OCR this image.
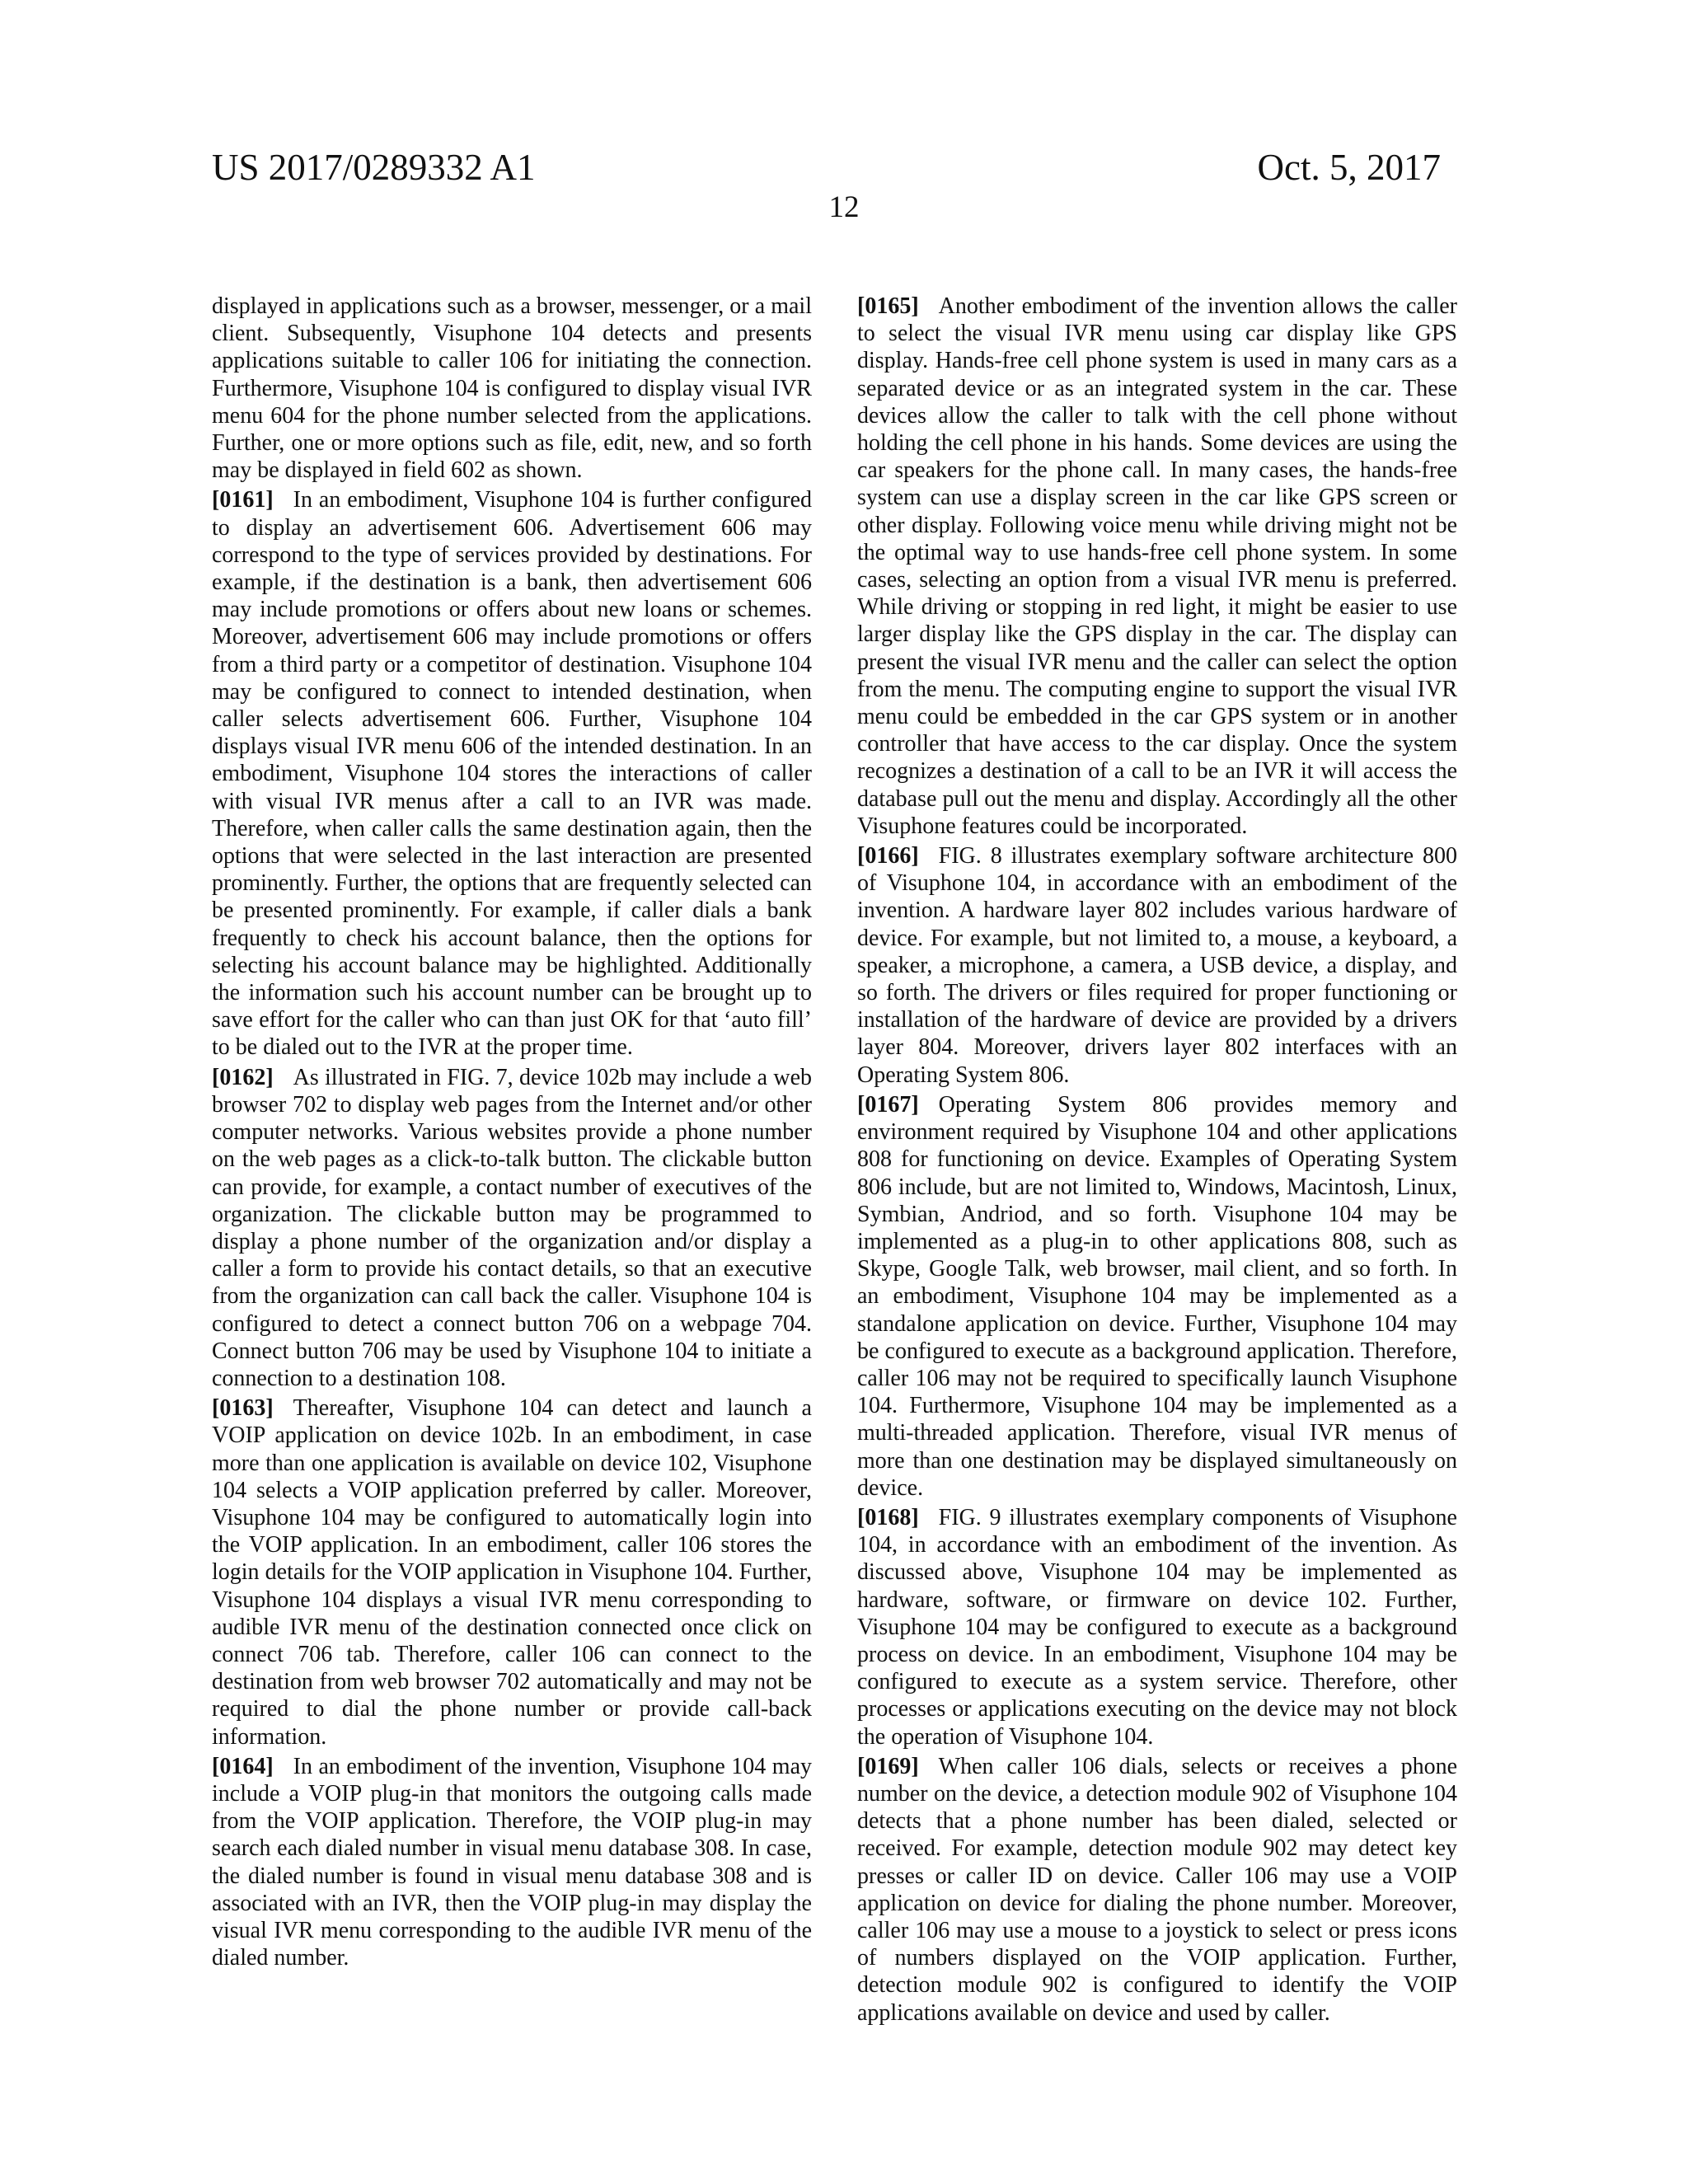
US 2017/0289332 A1	Oct. 5, 2017
12

displayed in applications such as a browser, messenger, or a mail client. Subsequently, Visuphone 104 detects and presents applications suitable to caller 106 for initiating the connection. Furthermore, Visuphone 104 is configured to display visual IVR menu 604 for the phone number selected from the applications. Further, one or more options such as file, edit, new, and so forth may be displayed in field 602 as shown.

[0161] In an embodiment, Visuphone 104 is further configured to display an advertisement 606. Advertisement 606 may correspond to the type of services provided by destinations. For example, if the destination is a bank, then advertisement 606 may include promotions or offers about new loans or schemes. Moreover, advertisement 606 may include promotions or offers from a third party or a competitor of destination. Visuphone 104 may be configured to connect to intended destination, when caller selects advertisement 606. Further, Visuphone 104 displays visual IVR menu 606 of the intended destination. In an embodiment, Visuphone 104 stores the interactions of caller with visual IVR menus after a call to an IVR was made. Therefore, when caller calls the same destination again, then the options that were selected in the last interaction are presented prominently. Further, the options that are frequently selected can be presented prominently. For example, if caller dials a bank frequently to check his account balance, then the options for selecting his account balance may be highlighted. Additionally the information such his account number can be brought up to save effort for the caller who can than just OK for that ‘auto fill’ to be dialed out to the IVR at the proper time.

[0162] As illustrated in FIG. 7, device 102b may include a web browser 702 to display web pages from the Internet and/or other computer networks. Various websites provide a phone number on the web pages as a click-to-talk button. The clickable button can provide, for example, a contact number of executives of the organization. The clickable button may be programmed to display a phone number of the organization and/or display a caller a form to provide his contact details, so that an executive from the organization can call back the caller. Visuphone 104 is configured to detect a connect button 706 on a webpage 704. Connect button 706 may be used by Visuphone 104 to initiate a connection to a destination 108.

[0163] Thereafter, Visuphone 104 can detect and launch a VOIP application on device 102b. In an embodiment, in case more than one application is available on device 102, Visuphone 104 selects a VOIP application preferred by caller. Moreover, Visuphone 104 may be configured to automatically login into the VOIP application. In an embodiment, caller 106 stores the login details for the VOIP application in Visuphone 104. Further, Visuphone 104 displays a visual IVR menu corresponding to audible IVR menu of the destination connected once click on connect 706 tab. Therefore, caller 106 can connect to the destination from web browser 702 automatically and may not be required to dial the phone number or provide call-back information.

[0164] In an embodiment of the invention, Visuphone 104 may include a VOIP plug-in that monitors the outgoing calls made from the VOIP application. Therefore, the VOIP plug-in may search each dialed number in visual menu database 308. In case, the dialed number is found in visual menu database 308 and is associated with an IVR, then the VOIP plug-in may display the visual IVR menu corresponding to the audible IVR menu of the dialed number.

[0165] Another embodiment of the invention allows the caller to select the visual IVR menu using car display like GPS display. Hands-free cell phone system is used in many cars as a separated device or as an integrated system in the car. These devices allow the caller to talk with the cell phone without holding the cell phone in his hands. Some devices are using the car speakers for the phone call. In many cases, the hands-free system can use a display screen in the car like GPS screen or other display. Following voice menu while driving might not be the optimal way to use hands-free cell phone system. In some cases, selecting an option from a visual IVR menu is preferred. While driving or stopping in red light, it might be easier to use larger display like the GPS display in the car. The display can present the visual IVR menu and the caller can select the option from the menu. The computing engine to support the visual IVR menu could be embedded in the car GPS system or in another controller that have access to the car display. Once the system recognizes a destination of a call to be an IVR it will access the database pull out the menu and display. Accordingly all the other Visuphone features could be incorporated.

[0166] FIG. 8 illustrates exemplary software architecture 800 of Visuphone 104, in accordance with an embodiment of the invention. A hardware layer 802 includes various hardware of device. For example, but not limited to, a mouse, a keyboard, a speaker, a microphone, a camera, a USB device, a display, and so forth. The drivers or files required for proper functioning or installation of the hardware of device are provided by a drivers layer 804. Moreover, drivers layer 802 interfaces with an Operating System 806.

[0167] Operating System 806 provides memory and environment required by Visuphone 104 and other applications 808 for functioning on device. Examples of Operating System 806 include, but are not limited to, Windows, Macintosh, Linux, Symbian, Andriod, and so forth. Visuphone 104 may be implemented as a plug-in to other applications 808, such as Skype, Google Talk, web browser, mail client, and so forth. In an embodiment, Visuphone 104 may be implemented as a standalone application on device. Further, Visuphone 104 may be configured to execute as a background application. Therefore, caller 106 may not be required to specifically launch Visuphone 104. Furthermore, Visuphone 104 may be implemented as a multi-threaded application. Therefore, visual IVR menus of more than one destination may be displayed simultaneously on device.

[0168] FIG. 9 illustrates exemplary components of Visuphone 104, in accordance with an embodiment of the invention. As discussed above, Visuphone 104 may be implemented as hardware, software, or firmware on device 102. Further, Visuphone 104 may be configured to execute as a background process on device. In an embodiment, Visuphone 104 may be configured to execute as a system service. Therefore, other processes or applications executing on the device may not block the operation of Visuphone 104.

[0169] When caller 106 dials, selects or receives a phone number on the device, a detection module 902 of Visuphone 104 detects that a phone number has been dialed, selected or received. For example, detection module 902 may detect key presses or caller ID on device. Caller 106 may use a VOIP application on device for dialing the phone number. Moreover, caller 106 may use a mouse to a joystick to select or press icons of numbers displayed on the VOIP application. Further, detection module 902 is configured to identify the VOIP applications available on device and used by caller.
